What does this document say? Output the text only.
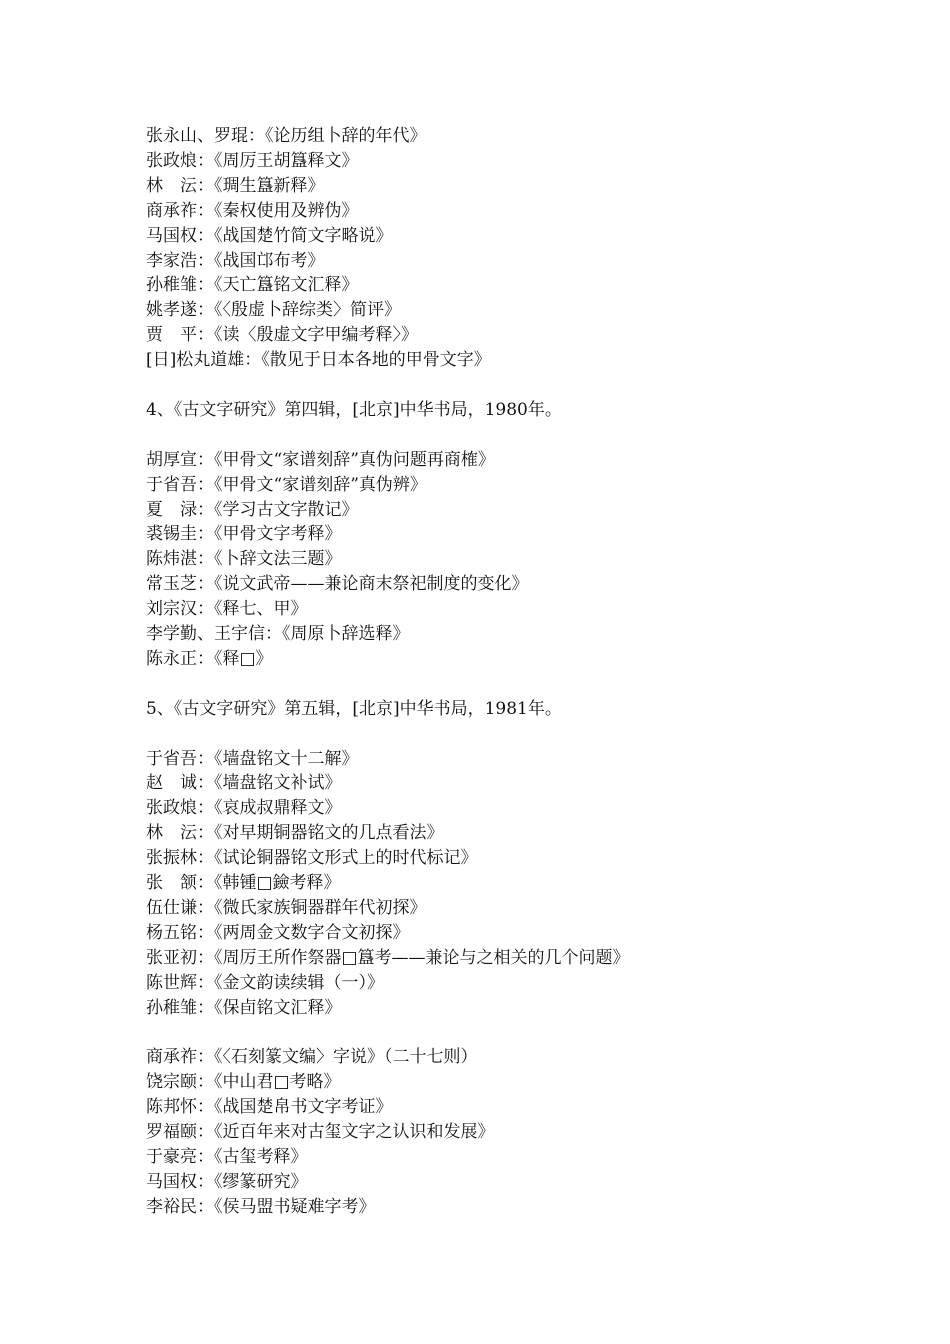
张永山、罗琨：《论历组卜辞的年代》
张政烺：《周厉王胡簋释文》
林　沄：《琱生簋新释》
商承祚：《秦权使用及辨伪》
马国权：《战国楚竹简文字略说》
李家浩：《战国邙布考》
孙稚雏：《天亡簋铭文汇释》
姚孝遂：《〈殷虚卜辞综类〉简评》
贾　平：《读〈殷虚文字甲编考释〉》
[日]松丸道雄：《散见于日本各地的甲骨文字》
4、《古文字研究》第四辑，[北京]中华书局，1980年。
胡厚宣：《甲骨文“家谱刻辞”真伪问题再商榷》
于省吾：《甲骨文“家谱刻辞”真伪辨》
夏　渌：《学习古文字散记》
裘锡圭：《甲骨文字考释》
陈炜湛：《卜辞文法三题》
常玉芝：《说文武帝——兼论商末祭祀制度的变化》
刘宗汉：《释七、甲》
李学勤、王宇信：《周原卜辞选释》
陈永正：《释□》
5、《古文字研究》第五辑，[北京]中华书局，1981年。
于省吾：《墙盘铭文十二解》
赵　诚：《墙盘铭文补试》
张政烺：《哀成叔鼎释文》
林　沄：《对早期铜器铭文的几点看法》
张振林：《试论铜器铭文形式上的时代标记》
张　颔：《韩锺□鐱考释》
伍仕谦：《微氏家族铜器群年代初探》
杨五铭：《两周金文数字合文初探》
张亚初：《周厉王所作祭器□簋考——兼论与之相关的几个问题》
陈世辉：《金文韵读续辑（一）》
孙稚雏：《保卣铭文汇释》
商承祚：《〈石刻篆文编〉字说》（二十七则）
饶宗颐：《中山君□考略》
陈邦怀：《战国楚帛书文字考证》
罗福颐：《近百年来对古玺文字之认识和发展》
于豪亮：《古玺考释》
马国权：《缪篆研究》
李裕民：《侯马盟书疑难字考》
